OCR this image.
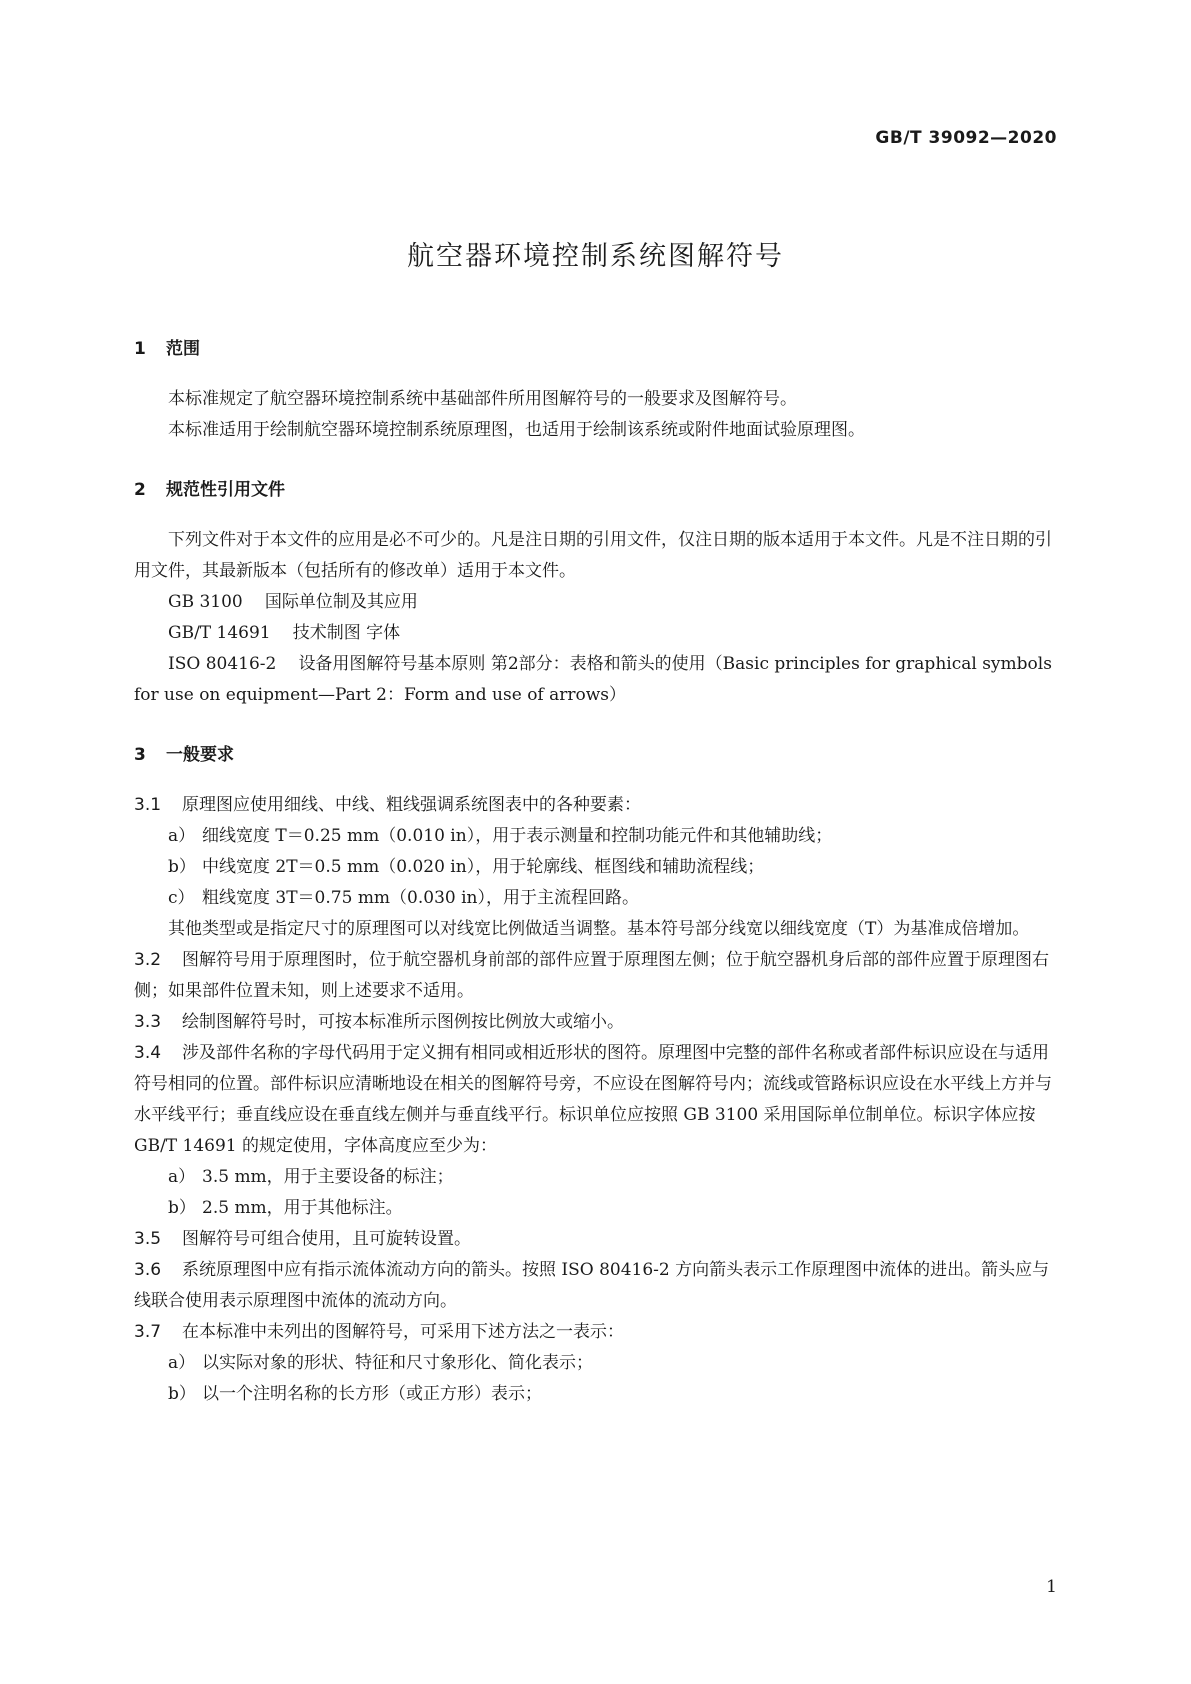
GB/T 39092—2020
航空器环境控制系统图解符号
1 范围

本标准规定了航空器环境控制系统中基础部件所用图解符号的一般要求及图解符号。

本标准适用于绘制航空器环境控制系统原理图，也适用于绘制该系统或附件地面试验原理图。

2 规范性引用文件

下列文件对于本文件的应用是必不可少的。凡是注日期的引用文件，仅注日期的版本适用于本文件。凡是不注日期的引用文件，其最新版本（包括所有的修改单）适用于本文件。

GB 3100 国际单位制及其应用

GB/T 14691 技术制图 字体

ISO 80416-2 设备用图解符号基本原则 第2部分：表格和箭头的使用（Basic principles for graphical symbols for use on equipment—Part 2：Form and use of arrows）

3 一般要求

3.1 原理图应使用细线、中线、粗线强调系统图表中的各种要素：

a） 细线宽度 T＝0.25 mm（0.010 in），用于表示测量和控制功能元件和其他辅助线；

b） 中线宽度 2T＝0.5 mm（0.020 in），用于轮廓线、框图线和辅助流程线；

c） 粗线宽度 3T＝0.75 mm（0.030 in），用于主流程回路。

其他类型或是指定尺寸的原理图可以对线宽比例做适当调整。基本符号部分线宽以细线宽度（T）为基准成倍增加。

3.2 图解符号用于原理图时，位于航空器机身前部的部件应置于原理图左侧；位于航空器机身后部的部件应置于原理图右侧；如果部件位置未知，则上述要求不适用。

3.3 绘制图解符号时，可按本标准所示图例按比例放大或缩小。

3.4 涉及部件名称的字母代码用于定义拥有相同或相近形状的图符。原理图中完整的部件名称或者部件标识应设在与适用符号相同的位置。部件标识应清晰地设在相关的图解符号旁，不应设在图解符号内；流线或管路标识应设在水平线上方并与水平线平行；垂直线应设在垂直线左侧并与垂直线平行。标识单位应按照 GB 3100 采用国际单位制单位。标识字体应按 GB/T 14691 的规定使用，字体高度应至少为：

a） 3.5 mm，用于主要设备的标注；

b） 2.5 mm，用于其他标注。

3.5 图解符号可组合使用，且可旋转设置。

3.6 系统原理图中应有指示流体流动方向的箭头。按照 ISO 80416-2 方向箭头表示工作原理图中流体的进出。箭头应与线联合使用表示原理图中流体的流动方向。

3.7 在本标准中未列出的图解符号，可采用下述方法之一表示：

a） 以实际对象的形状、特征和尺寸象形化、简化表示；

b） 以一个注明名称的长方形（或正方形）表示；

1
